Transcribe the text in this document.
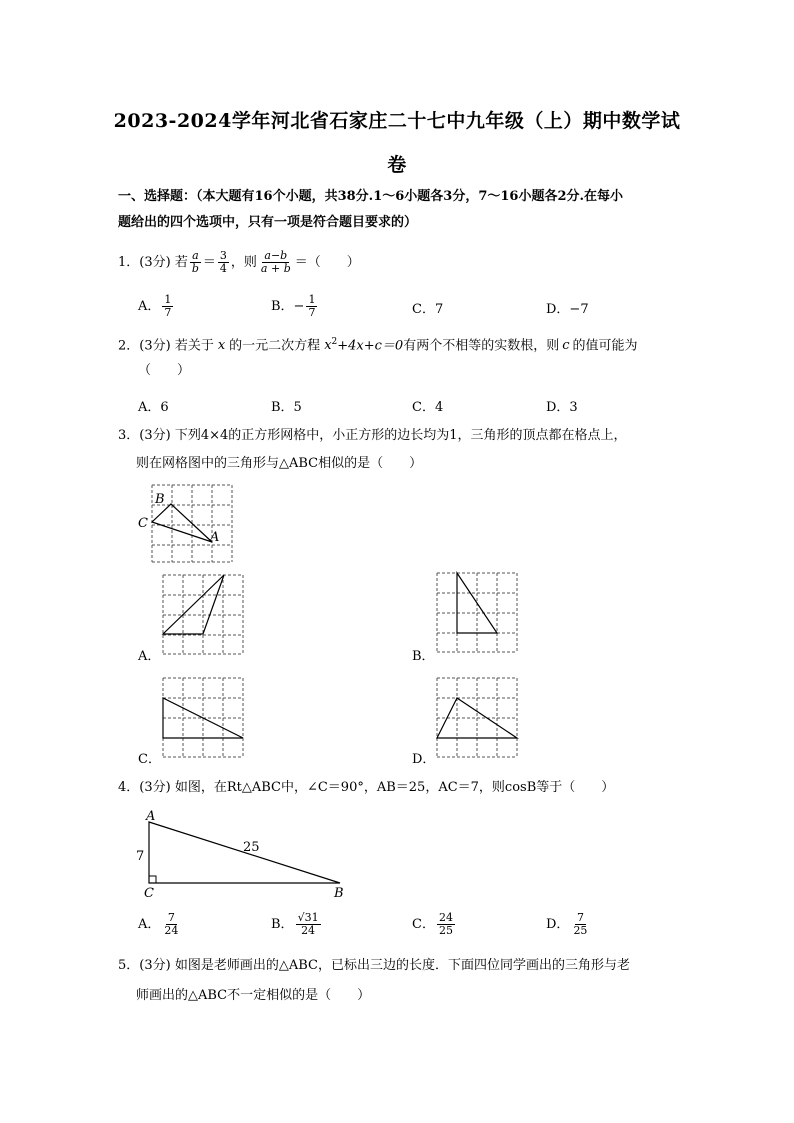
2023-2024学年河北省石家庄二十七中九年级（上）期中数学试
卷
一、选择题：（本大题有16个小题，共38分.1～6小题各3分，7～16小题各2分.在每小
题给出的四个选项中，只有一项是符合题目要求的）
1．(3分) 若 $\frac{a}{b} = \frac{3}{4}$ ，则 $\frac{a-b}{a + b}$ ＝（　　）
A． $\frac{1}{7}$	B．− $\frac{1}{7}$	C．7	D．−7
2．(3分) 若关于 x 的一元二次方程 $x^2+4x+c=0$有两个不相等的实数根，则 c 的值可能为
（　　）
A．6	B．5	C．4	D．3
3．(3分) 下列4×4的正方形网格中，小正方形的边长均为1，三角形的顶点都在格点上，
则在网格图中的三角形与△ABC相似的是（　　）
B
C
A
A．	B．
C．	D．
4．(3分) 如图，在Rt△ABC中，∠C＝90°，AB＝25，AC＝7，则cosB等于（　　）
A
C	B
7
25
A． $\frac{7}{24}$	B． $\frac{√31}{24}$	C． $\frac{24}{25}$	D． $\frac{7}{25}$
5．(3分) 如图是老师画出的△ABC，已标出三边的长度．下面四位同学画出的三角形与老
师画出的△ABC不一定相似的是（　　）
